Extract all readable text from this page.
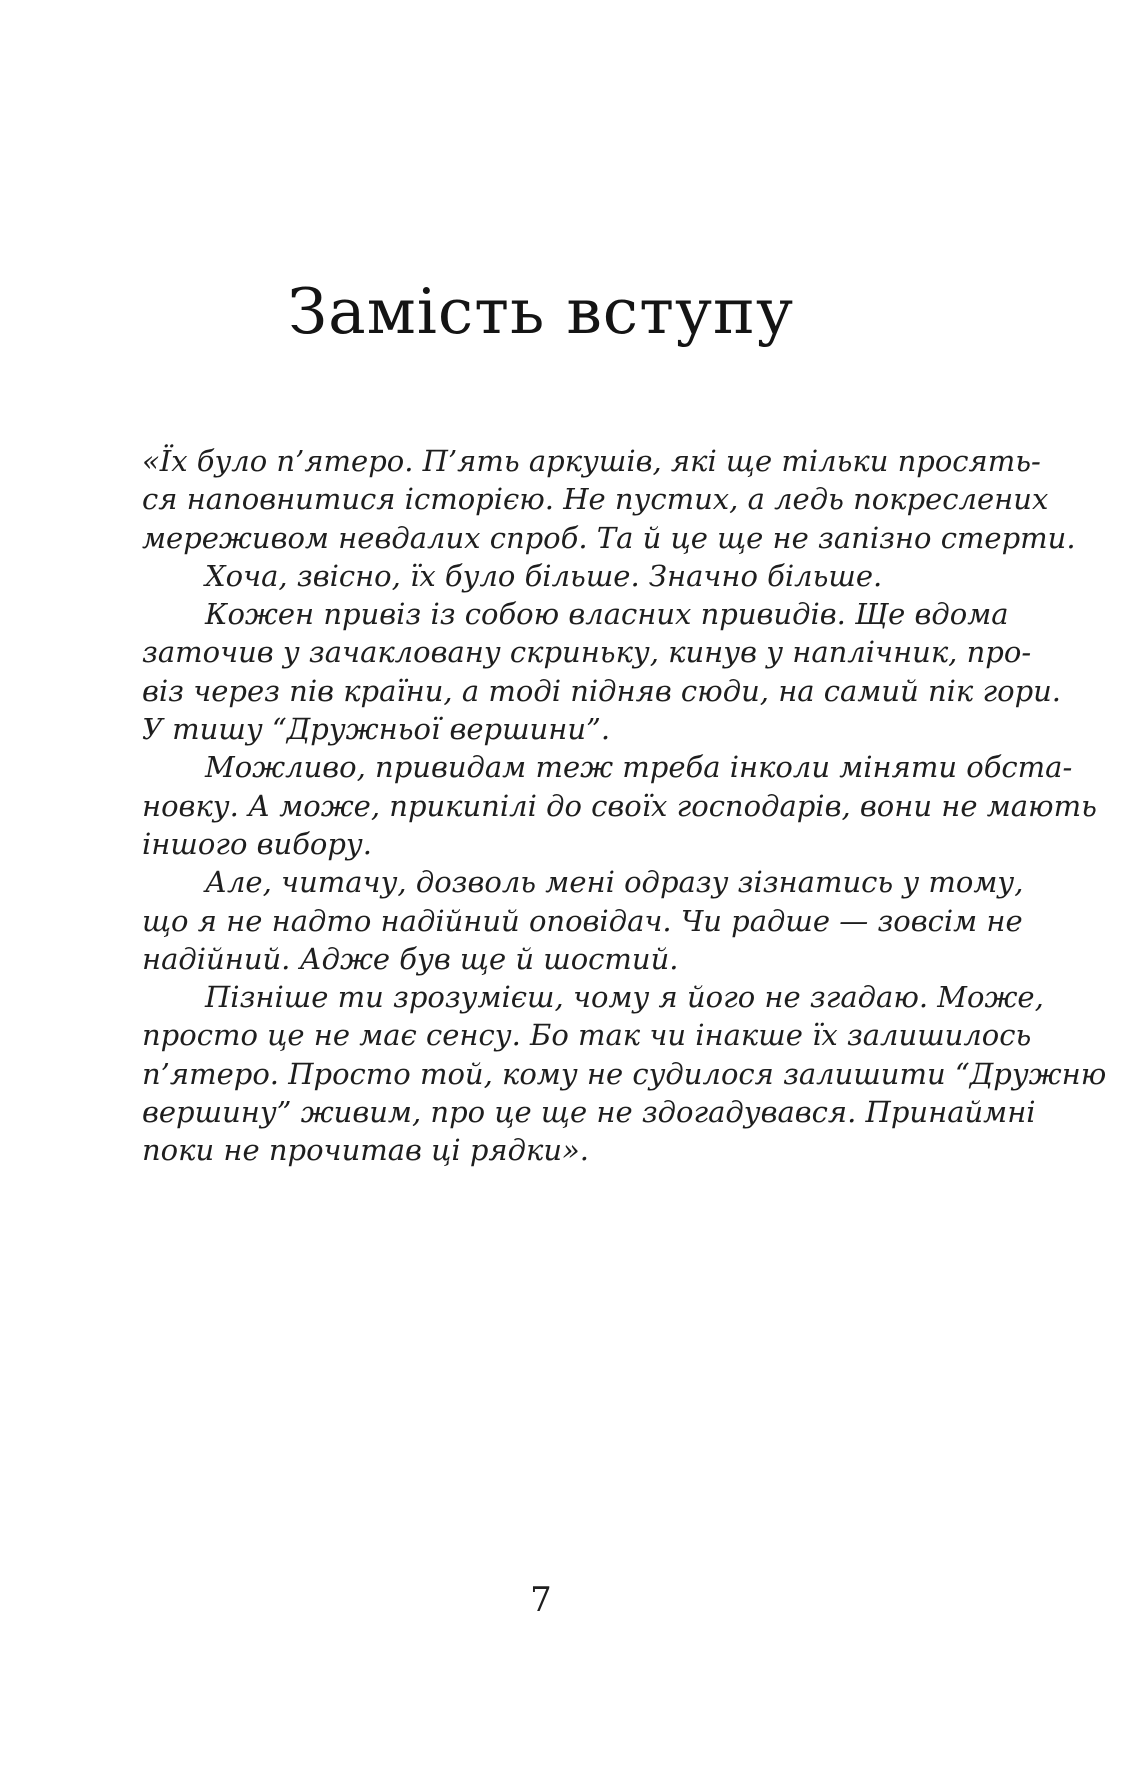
Замість вступу
«Їх було п’ятеро. П’ять аркушів, які ще тільки просять-
ся наповнитися історією. Не пустих, а ледь покреслених
мереживом невдалих спроб. Та й це ще не запізно стерти.
Хоча, звісно, їх було більше. Значно більше.
Кожен привіз із собою власних привидів. Ще вдома
заточив у зачакловану скриньку, кинув у наплічник, про-
віз через пів країни, а тоді підняв сюди, на самий пік гори.
У тишу “Дружньої вершини”.
Можливо, привидам теж треба інколи міняти обста-
новку. А може, прикипілі до своїх господарів, вони не мають
іншого вибору.
Але, читачу, дозволь мені одразу зізнатись у тому,
що я не надто надійний оповідач. Чи радше — зовсім не
надійний. Адже був ще й шостий.
Пізніше ти зрозумієш, чому я його не згадаю. Може,
просто це не має сенсу. Бо так чи інакше їх залишилось
п’ятеро. Просто той, кому не судилося залишити “Дружню
вершину” живим, про це ще не здогадувався. Принаймні
поки не прочитав ці рядки».
7
